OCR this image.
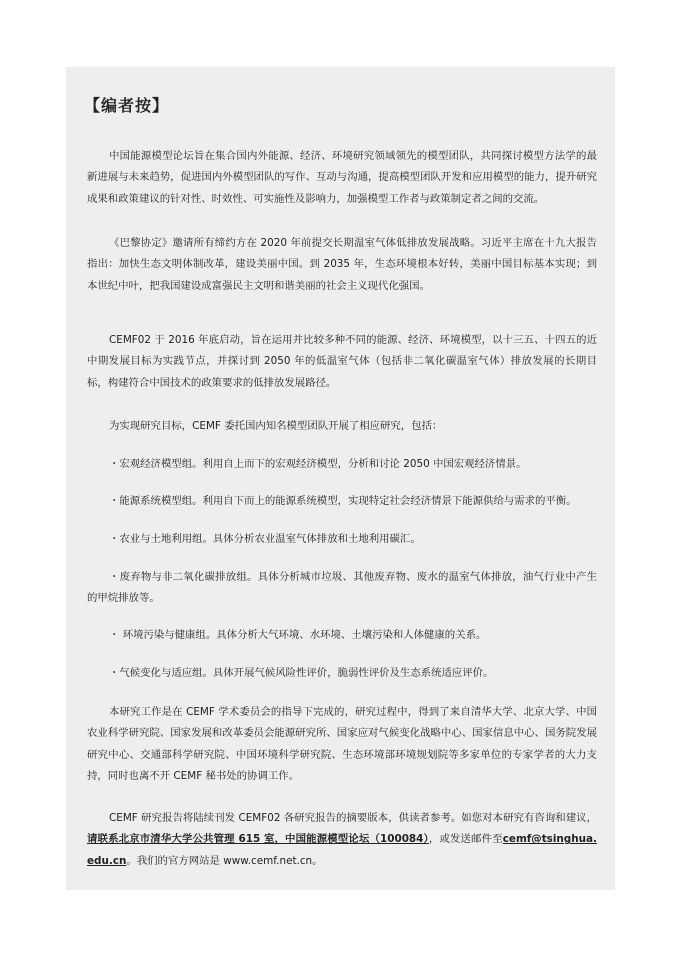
【编者按】

中国能源模型论坛旨在集合国内外能源、经济、环境研究领域领先的模型团队，共同探讨模型方法学的最新进展与未来趋势，促进国内外模型团队的写作、互动与沟通，提高模型团队开发和应用模型的能力，提升研究成果和政策建议的针对性、时效性、可实施性及影响力，加强模型工作者与政策制定者之间的交流。

《巴黎协定》邀请所有缔约方在 2020 年前提交长期温室气体低排放发展战略。习近平主席在十九大报告指出：加快生态文明体制改革，建设美丽中国。到 2035 年，生态环境根本好转，美丽中国目标基本实现；到本世纪中叶，把我国建设成富强民主文明和谐美丽的社会主义现代化强国。

CEMF02 于 2016 年底启动，旨在运用并比较多种不同的能源、经济、环境模型，以十三五、十四五的近中期发展目标为实践节点，并探讨到 2050 年的低温室气体（包括非二氧化碳温室气体）排放发展的长期目标，构建符合中国技术的政策要求的低排放发展路径。

为实现研究目标，CEMF 委托国内知名模型团队开展了相应研究，包括：

・宏观经济模型组。利用自上而下的宏观经济模型，分析和讨论 2050 中国宏观经济情景。

・能源系统模型组。利用自下而上的能源系统模型，实现特定社会经济情景下能源供给与需求的平衡。

・农业与土地利用组。具体分析农业温室气体排放和土地利用碳汇。

・废弃物与非二氧化碳排放组。具体分析城市垃圾、其他废弃物、废水的温室气体排放，油气行业中产生的甲烷排放等。

・ 环境污染与健康组。具体分析大气环境、水环境、土壤污染和人体健康的关系。

・气候变化与适应组。具体开展气候风险性评价，脆弱性评价及生态系统适应评价。

本研究工作是在 CEMF 学术委员会的指导下完成的，研究过程中，得到了来自清华大学、北京大学、中国农业科学研究院、国家发展和改革委员会能源研究所、国家应对气候变化战略中心、国家信息中心、国务院发展研究中心、交通部科学研究院、中国环境科学研究院、生态环境部环境规划院等多家单位的专家学者的大力支持，同时也离不开 CEMF 秘书处的协调工作。

CEMF 研究报告将陆续刊发 CEMF02 各研究报告的摘要版本，供读者参考。如您对本研究有咨询和建议，请联系北京市清华大学公共管理 615 室，中国能源模型论坛（100084），或发送邮件至cemf@tsinghua.edu.cn。我们的官方网站是 www.cemf.net.cn。
